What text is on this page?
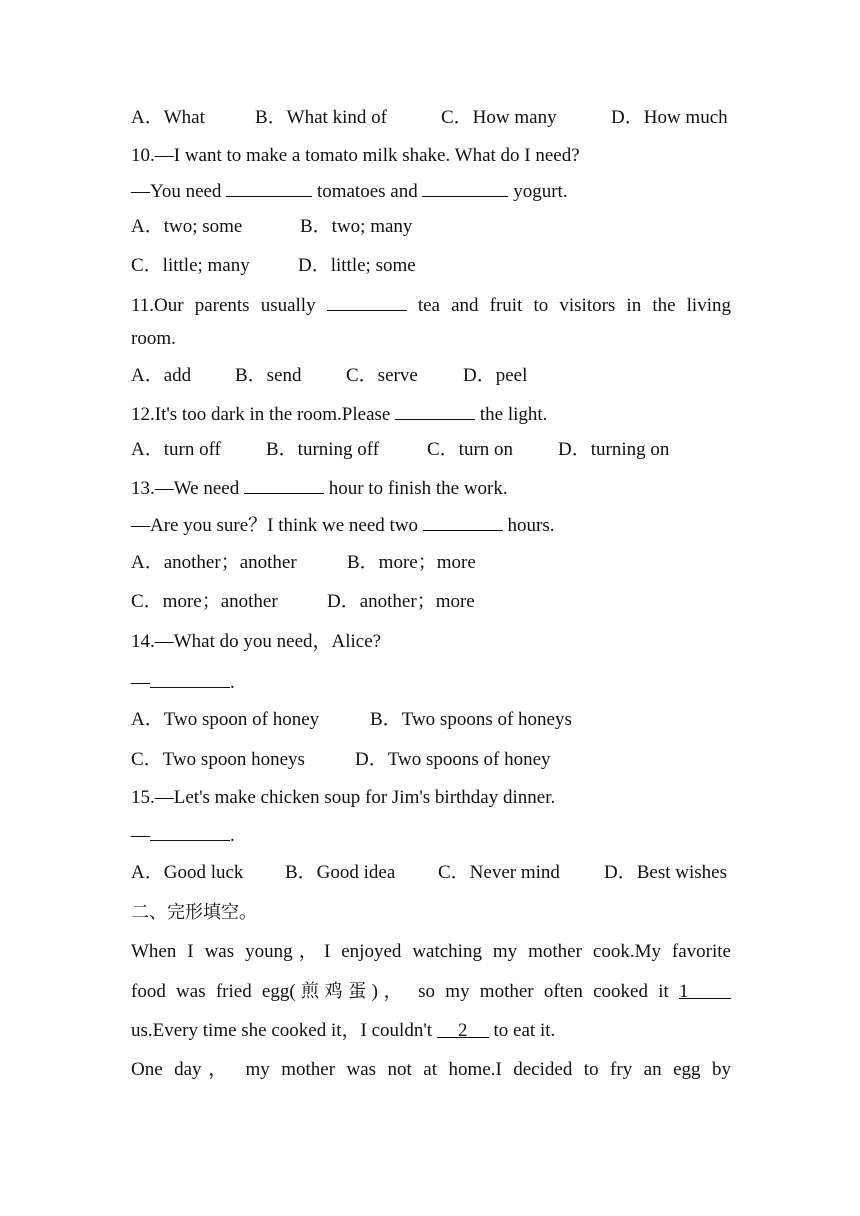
A．What	B．What kind of	C．How many	D．How much
10.—I want to make a tomato milk shake. What do I need?
—You need	tomatoes and	yogurt.
A．two; some	B．two; many
C．little; many	D．little; some
11.Our parents usually	tea and fruit to visitors in the living
room.
A．add	B．send	C．serve	D．peel
12.It's too dark in the room.Please	the light.
A．turn off	B．turning off	C．turn on	D．turning on
13.—We need	hour to finish the work.
—Are you sure？I think we need two	hours.
A．another；another	B．more；more
C．more；another	D．another；more
14.—What do you need，Alice?
—	.
A．Two spoon of honey	B．Two spoons of honeys
C．Two spoon honeys	D．Two spoons of honey
15.—Let's make chicken soup for Jim's birthday dinner.
—	.
A．Good luck	B．Good idea	C．Never mind	D．Best wishes
二、完形填空。
When I was young，I enjoyed watching my mother cook.My favorite
food was fried egg(煎鸡蛋)， so my mother often cooked it 1
us.Every time she cooked it，I couldn't 2 to eat it.
One day， my mother was not at home.I decided to fry an egg by
